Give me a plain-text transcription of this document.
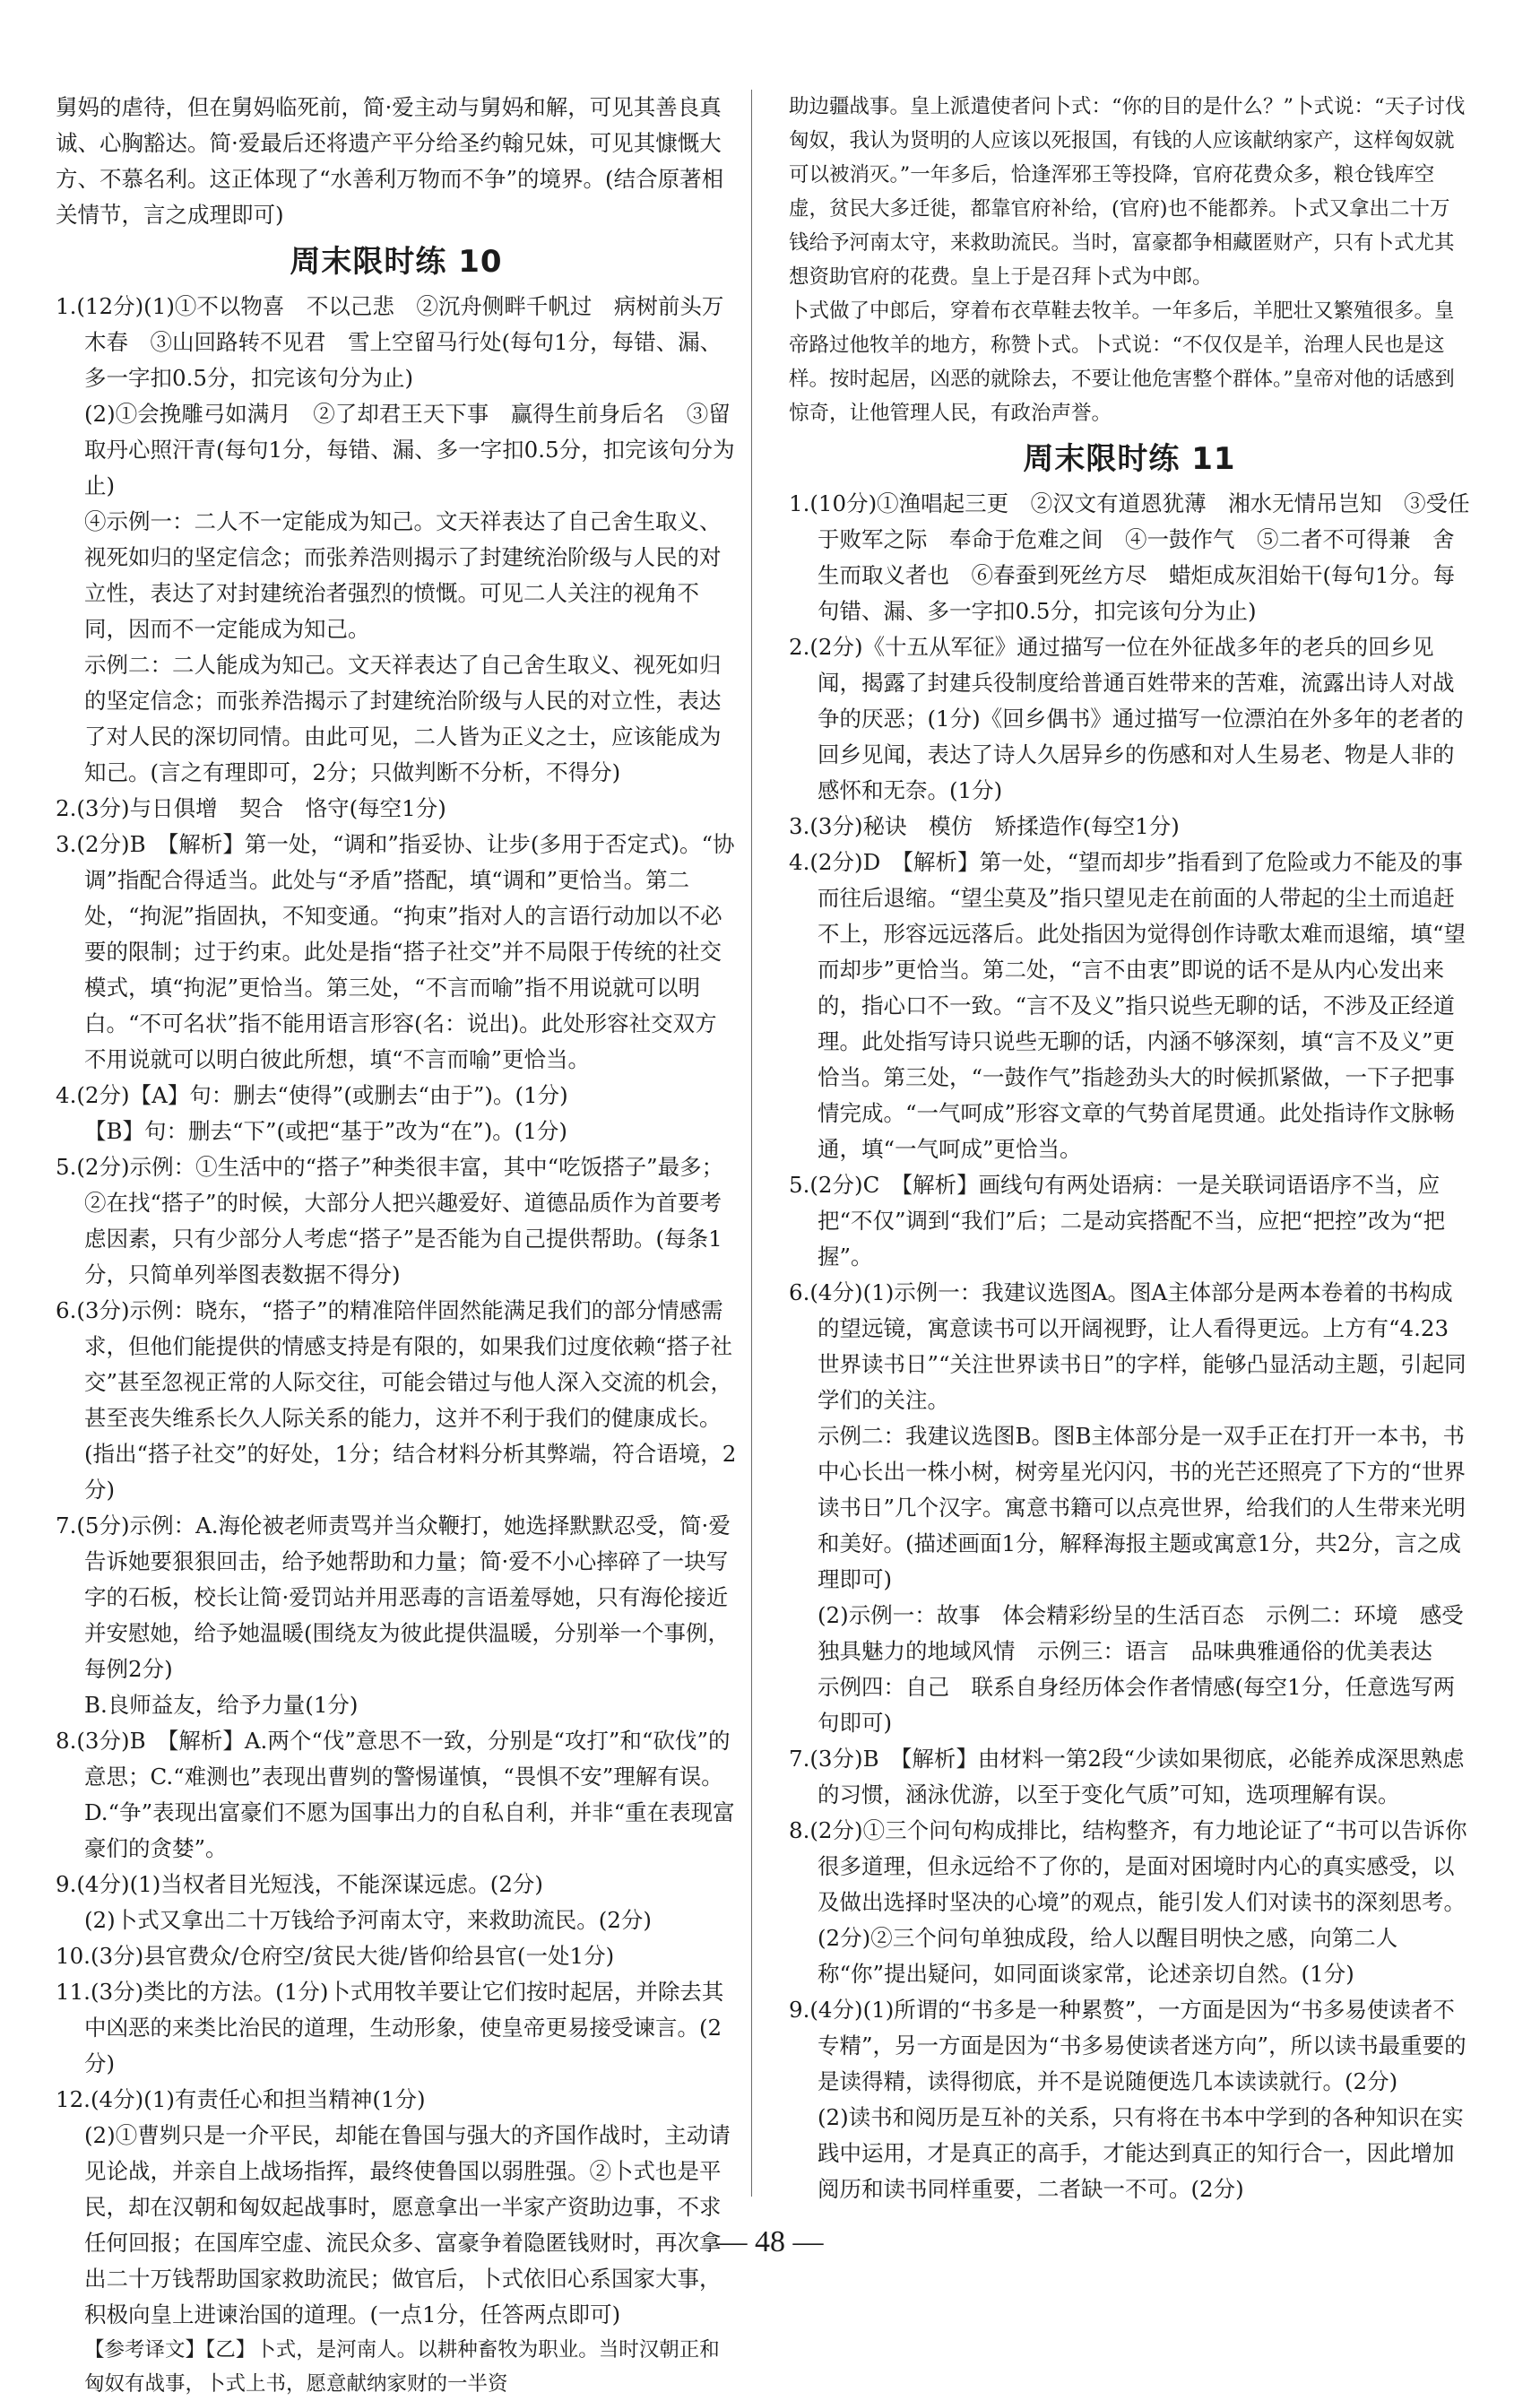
舅妈的虐待，但在舅妈临死前，简·爱主动与舅妈和解，可见其善良真诚、心胸豁达。简·爱最后还将遗产平分给圣约翰兄妹，可见其慷慨大方、不慕名利。这正体现了“水善利万物而不争”的境界。(结合原著相关情节，言之成理即可)

周末限时练 10

1.(12分)(1)①不以物喜　不以己悲　②沉舟侧畔千帆过　病树前头万木春　③山回路转不见君　雪上空留马行处(每句1分，每错、漏、多一字扣0.5分，扣完该句分为止)

(2)①会挽雕弓如满月　②了却君王天下事　赢得生前身后名　③留取丹心照汗青(每句1分，每错、漏、多一字扣0.5分，扣完该句分为止)

④示例一：二人不一定能成为知己。文天祥表达了自己舍生取义、视死如归的坚定信念；而张养浩则揭示了封建统治阶级与人民的对立性，表达了对封建统治者强烈的愤慨。可见二人关注的视角不同，因而不一定能成为知己。

示例二：二人能成为知己。文天祥表达了自己舍生取义、视死如归的坚定信念；而张养浩揭示了封建统治阶级与人民的对立性，表达了对人民的深切同情。由此可见，二人皆为正义之士，应该能成为知己。(言之有理即可，2分；只做判断不分析，不得分)

2.(3分)与日俱增　契合　恪守(每空1分)

3.(2分)B　【解析】第一处，“调和”指妥协、让步(多用于否定式)。“协调”指配合得适当。此处与“矛盾”搭配，填“调和”更恰当。第二处，“拘泥”指固执，不知变通。“拘束”指对人的言语行动加以不必要的限制；过于约束。此处是指“搭子社交”并不局限于传统的社交模式，填“拘泥”更恰当。第三处，“不言而喻”指不用说就可以明白。“不可名状”指不能用语言形容(名：说出)。此处形容社交双方不用说就可以明白彼此所想，填“不言而喻”更恰当。

4.(2分)【A】句：删去“使得”(或删去“由于”)。(1分)

【B】句：删去“下”(或把“基于”改为“在”)。(1分)

5.(2分)示例：①生活中的“搭子”种类很丰富，其中“吃饭搭子”最多；②在找“搭子”的时候，大部分人把兴趣爱好、道德品质作为首要考虑因素，只有少部分人考虑“搭子”是否能为自己提供帮助。(每条1分，只简单列举图表数据不得分)

6.(3分)示例：晓东，“搭子”的精准陪伴固然能满足我们的部分情感需求，但他们能提供的情感支持是有限的，如果我们过度依赖“搭子社交”甚至忽视正常的人际交往，可能会错过与他人深入交流的机会，甚至丧失维系长久人际关系的能力，这并不利于我们的健康成长。(指出“搭子社交”的好处，1分；结合材料分析其弊端，符合语境，2分)

7.(5分)示例：A.海伦被老师责骂并当众鞭打，她选择默默忍受，简·爱告诉她要狠狠回击，给予她帮助和力量；简·爱不小心摔碎了一块写字的石板，校长让简·爱罚站并用恶毒的言语羞辱她，只有海伦接近并安慰她，给予她温暖(围绕友为彼此提供温暖，分别举一个事例，每例2分)

B.良师益友，给予力量(1分)

8.(3分)B　【解析】A.两个“伐”意思不一致，分别是“攻打”和“砍伐”的意思；C.“难测也”表现出曹刿的警惕谨慎，“畏惧不安”理解有误。D.“争”表现出富豪们不愿为国事出力的自私自利，并非“重在表现富豪们的贪婪”。

9.(4分)(1)当权者目光短浅，不能深谋远虑。(2分)

(2)卜式又拿出二十万钱给予河南太守，来救助流民。(2分)

10.(3分)县官费众/仓府空/贫民大徙/皆仰给县官(一处1分)

11.(3分)类比的方法。(1分)卜式用牧羊要让它们按时起居，并除去其中凶恶的来类比治民的道理，生动形象，使皇帝更易接受谏言。(2分)

12.(4分)(1)有责任心和担当精神(1分)

(2)①曹刿只是一介平民，却能在鲁国与强大的齐国作战时，主动请见论战，并亲自上战场指挥，最终使鲁国以弱胜强。②卜式也是平民，却在汉朝和匈奴起战事时，愿意拿出一半家产资助边事，不求任何回报；在国库空虚、流民众多、富豪争着隐匿钱财时，再次拿出二十万钱帮助国家救助流民；做官后，卜式依旧心系国家大事，积极向皇上进谏治国的道理。(一点1分，任答两点即可)

【参考译文】【乙】卜式，是河南人。以耕种畜牧为职业。当时汉朝正和匈奴有战事，卜式上书，愿意献纳家财的一半资

助边疆战事。皇上派遣使者问卜式：“你的目的是什么？”卜式说：“天子讨伐匈奴，我认为贤明的人应该以死报国，有钱的人应该献纳家产，这样匈奴就可以被消灭。”一年多后，恰逢浑邪王等投降，官府花费众多，粮仓钱库空虚，贫民大多迁徙，都靠官府补给，(官府)也不能都养。卜式又拿出二十万钱给予河南太守，来救助流民。当时，富豪都争相藏匿财产，只有卜式尤其想资助官府的花费。皇上于是召拜卜式为中郎。

卜式做了中郎后，穿着布衣草鞋去牧羊。一年多后，羊肥壮又繁殖很多。皇帝路过他牧羊的地方，称赞卜式。卜式说：“不仅仅是羊，治理人民也是这样。按时起居，凶恶的就除去，不要让他危害整个群体。”皇帝对他的话感到惊奇，让他管理人民，有政治声誉。

周末限时练 11

1.(10分)①渔唱起三更　②汉文有道恩犹薄　湘水无情吊岂知　③受任于败军之际　奉命于危难之间　④一鼓作气　⑤二者不可得兼　舍生而取义者也　⑥春蚕到死丝方尽　蜡炬成灰泪始干(每句1分。每句错、漏、多一字扣0.5分，扣完该句分为止)

2.(2分)《十五从军征》通过描写一位在外征战多年的老兵的回乡见闻，揭露了封建兵役制度给普通百姓带来的苦难，流露出诗人对战争的厌恶；(1分)《回乡偶书》通过描写一位漂泊在外多年的老者的回乡见闻，表达了诗人久居异乡的伤感和对人生易老、物是人非的感怀和无奈。(1分)

3.(3分)秘诀　模仿　矫揉造作(每空1分)

4.(2分)D　【解析】第一处，“望而却步”指看到了危险或力不能及的事而往后退缩。“望尘莫及”指只望见走在前面的人带起的尘土而追赶不上，形容远远落后。此处指因为觉得创作诗歌太难而退缩，填“望而却步”更恰当。第二处，“言不由衷”即说的话不是从内心发出来的，指心口不一致。“言不及义”指只说些无聊的话，不涉及正经道理。此处指写诗只说些无聊的话，内涵不够深刻，填“言不及义”更恰当。第三处，“一鼓作气”指趁劲头大的时候抓紧做，一下子把事情完成。“一气呵成”形容文章的气势首尾贯通。此处指诗作文脉畅通，填“一气呵成”更恰当。

5.(2分)C　【解析】画线句有两处语病：一是关联词语语序不当，应把“不仅”调到“我们”后；二是动宾搭配不当，应把“把控”改为“把握”。

6.(4分)(1)示例一：我建议选图A。图A主体部分是两本卷着的书构成的望远镜，寓意读书可以开阔视野，让人看得更远。上方有“4.23 世界读书日”“关注世界读书日”的字样，能够凸显活动主题，引起同学们的关注。

示例二：我建议选图B。图B主体部分是一双手正在打开一本书，书中心长出一株小树，树旁星光闪闪，书的光芒还照亮了下方的“世界读书日”几个汉字。寓意书籍可以点亮世界，给我们的人生带来光明和美好。(描述画面1分，解释海报主题或寓意1分，共2分，言之成理即可)

(2)示例一：故事　体会精彩纷呈的生活百态　示例二：环境　感受独具魅力的地域风情　示例三：语言　品味典雅通俗的优美表达　示例四：自己　联系自身经历体会作者情感(每空1分，任意选写两句即可)

7.(3分)B　【解析】由材料一第2段“少读如果彻底，必能养成深思熟虑的习惯，涵泳优游，以至于变化气质”可知，选项理解有误。

8.(2分)①三个问句构成排比，结构整齐，有力地论证了“书可以告诉你很多道理，但永远给不了你的，是面对困境时内心的真实感受，以及做出选择时坚决的心境”的观点，能引发人们对读书的深刻思考。(2分)②三个问句单独成段，给人以醒目明快之感，向第二人称“你”提出疑问，如同面谈家常，论述亲切自然。(1分)

9.(4分)(1)所谓的“书多是一种累赘”，一方面是因为“书多易使读者不专精”，另一方面是因为“书多易使读者迷方向”，所以读书最重要的是读得精，读得彻底，并不是说随便选几本读读就行。(2分)

(2)读书和阅历是互补的关系，只有将在书本中学到的各种知识在实践中运用，才是真正的高手，才能达到真正的知行合一，因此增加阅历和读书同样重要，二者缺一不可。(2分)

— 48 —
